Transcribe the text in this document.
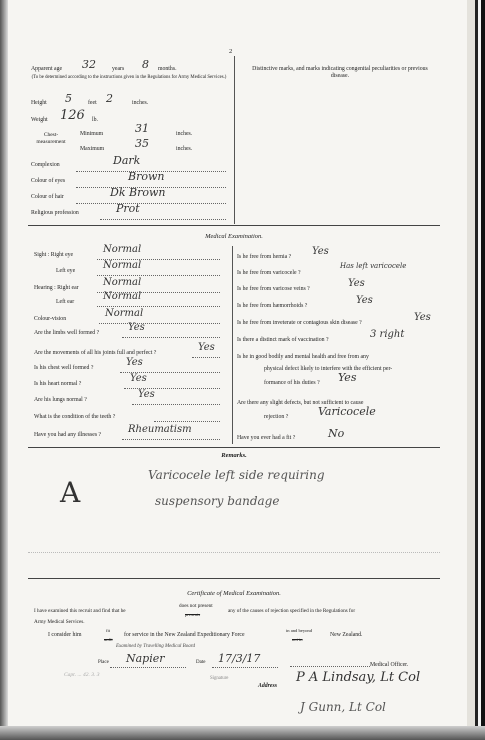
2
Apparent age 32	years 8 months.
(To be determined according to the instructions given in the Regulations for Army Medical Services.)
Distinctive marks, and marks indicating congenital peculiarities or previous disease.
Height 5	feet 2	inches.
Weight 126 lb.
Chest-measurement
Minimum	31	inches.
Maximum	35	inches.
Complexion	Dark
Colour of eyes	Brown
Colour of hair	Dk Brown
Religious profession	Prot
Medical Examination.
Sight : Right eye	Normal
Left eye	Normal
Hearing : Right ear Normal
Left ear	Normal
Colour-vision	Normal
Are the limbs well formed ?	Yes
Are the movements of all his joints full and perfect ?	Yes
Is his chest well formed ?	Yes
Is his heart normal ?	Yes
Are his lungs normal ?	Yes
What is the condition of the teeth ?
Have you had any illnesses ?	Rheumatism
Is he free from hernia ? Yes
Is he free from varicocele ?
Has left varicocele
Is he free from varicose veins ?	Yes
Is he free from hæmorrhoids ?	Yes
Is he free from inveterate or contagious skin disease ?	Yes
Is there a distinct mark of vaccination ?	3 right
Is he in good bodily and mental health and free from any
physical defect likely to interfere with the efficient per-
formance of his duties ? Yes
Are there any slight defects, but not sufficient to cause
rejection ?	Varicocele
Have you ever had a fit ?	No
Remarks.
A
Varicocele left side requiring
suspensory bandage
Certificate of Medical Examination.
I have examined this recruit and find that he
does not present
presents
any of the causes of rejection specified in the Regulations for
Army Medical Services.
I consider him
fit
unfit
for service in the New Zealand Expeditionary Force
in and beyond
not in
New Zealand.
Examined by Travelling Medical Board
Place Napier	Date 17/3/17	Medical Officer.
Capt. ... 42. 3. 3
Signature
Address
P A Lindsay, Lt Col
J Gunn, Lt Col
